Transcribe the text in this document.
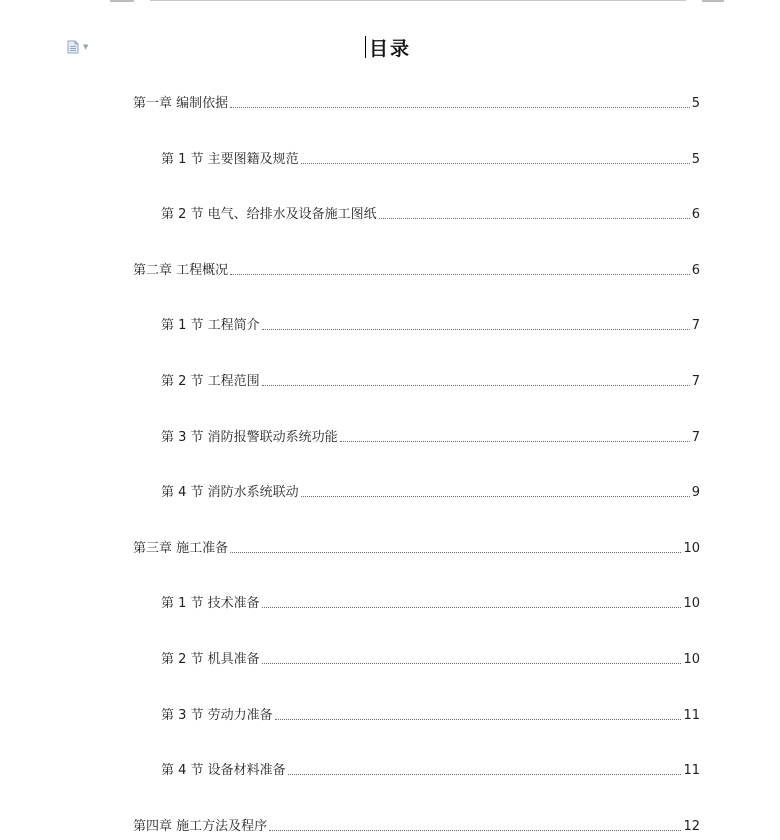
▼	目录
第一章 编制依据	5
第 1 节 主要图籍及规范	5
第 2 节 电气、给排水及设备施工图纸	6
第二章 工程概况	6
第 1 节 工程简介	7
第 2 节 工程范围	7
第 3 节 消防报警联动系统功能	7
第 4 节 消防水系统联动	9
第三章 施工准备	10
第 1 节 技术准备	10
第 2 节 机具准备	10
第 3 节 劳动力准备	11
第 4 节 设备材料准备	11
第四章 施工方法及程序	12
